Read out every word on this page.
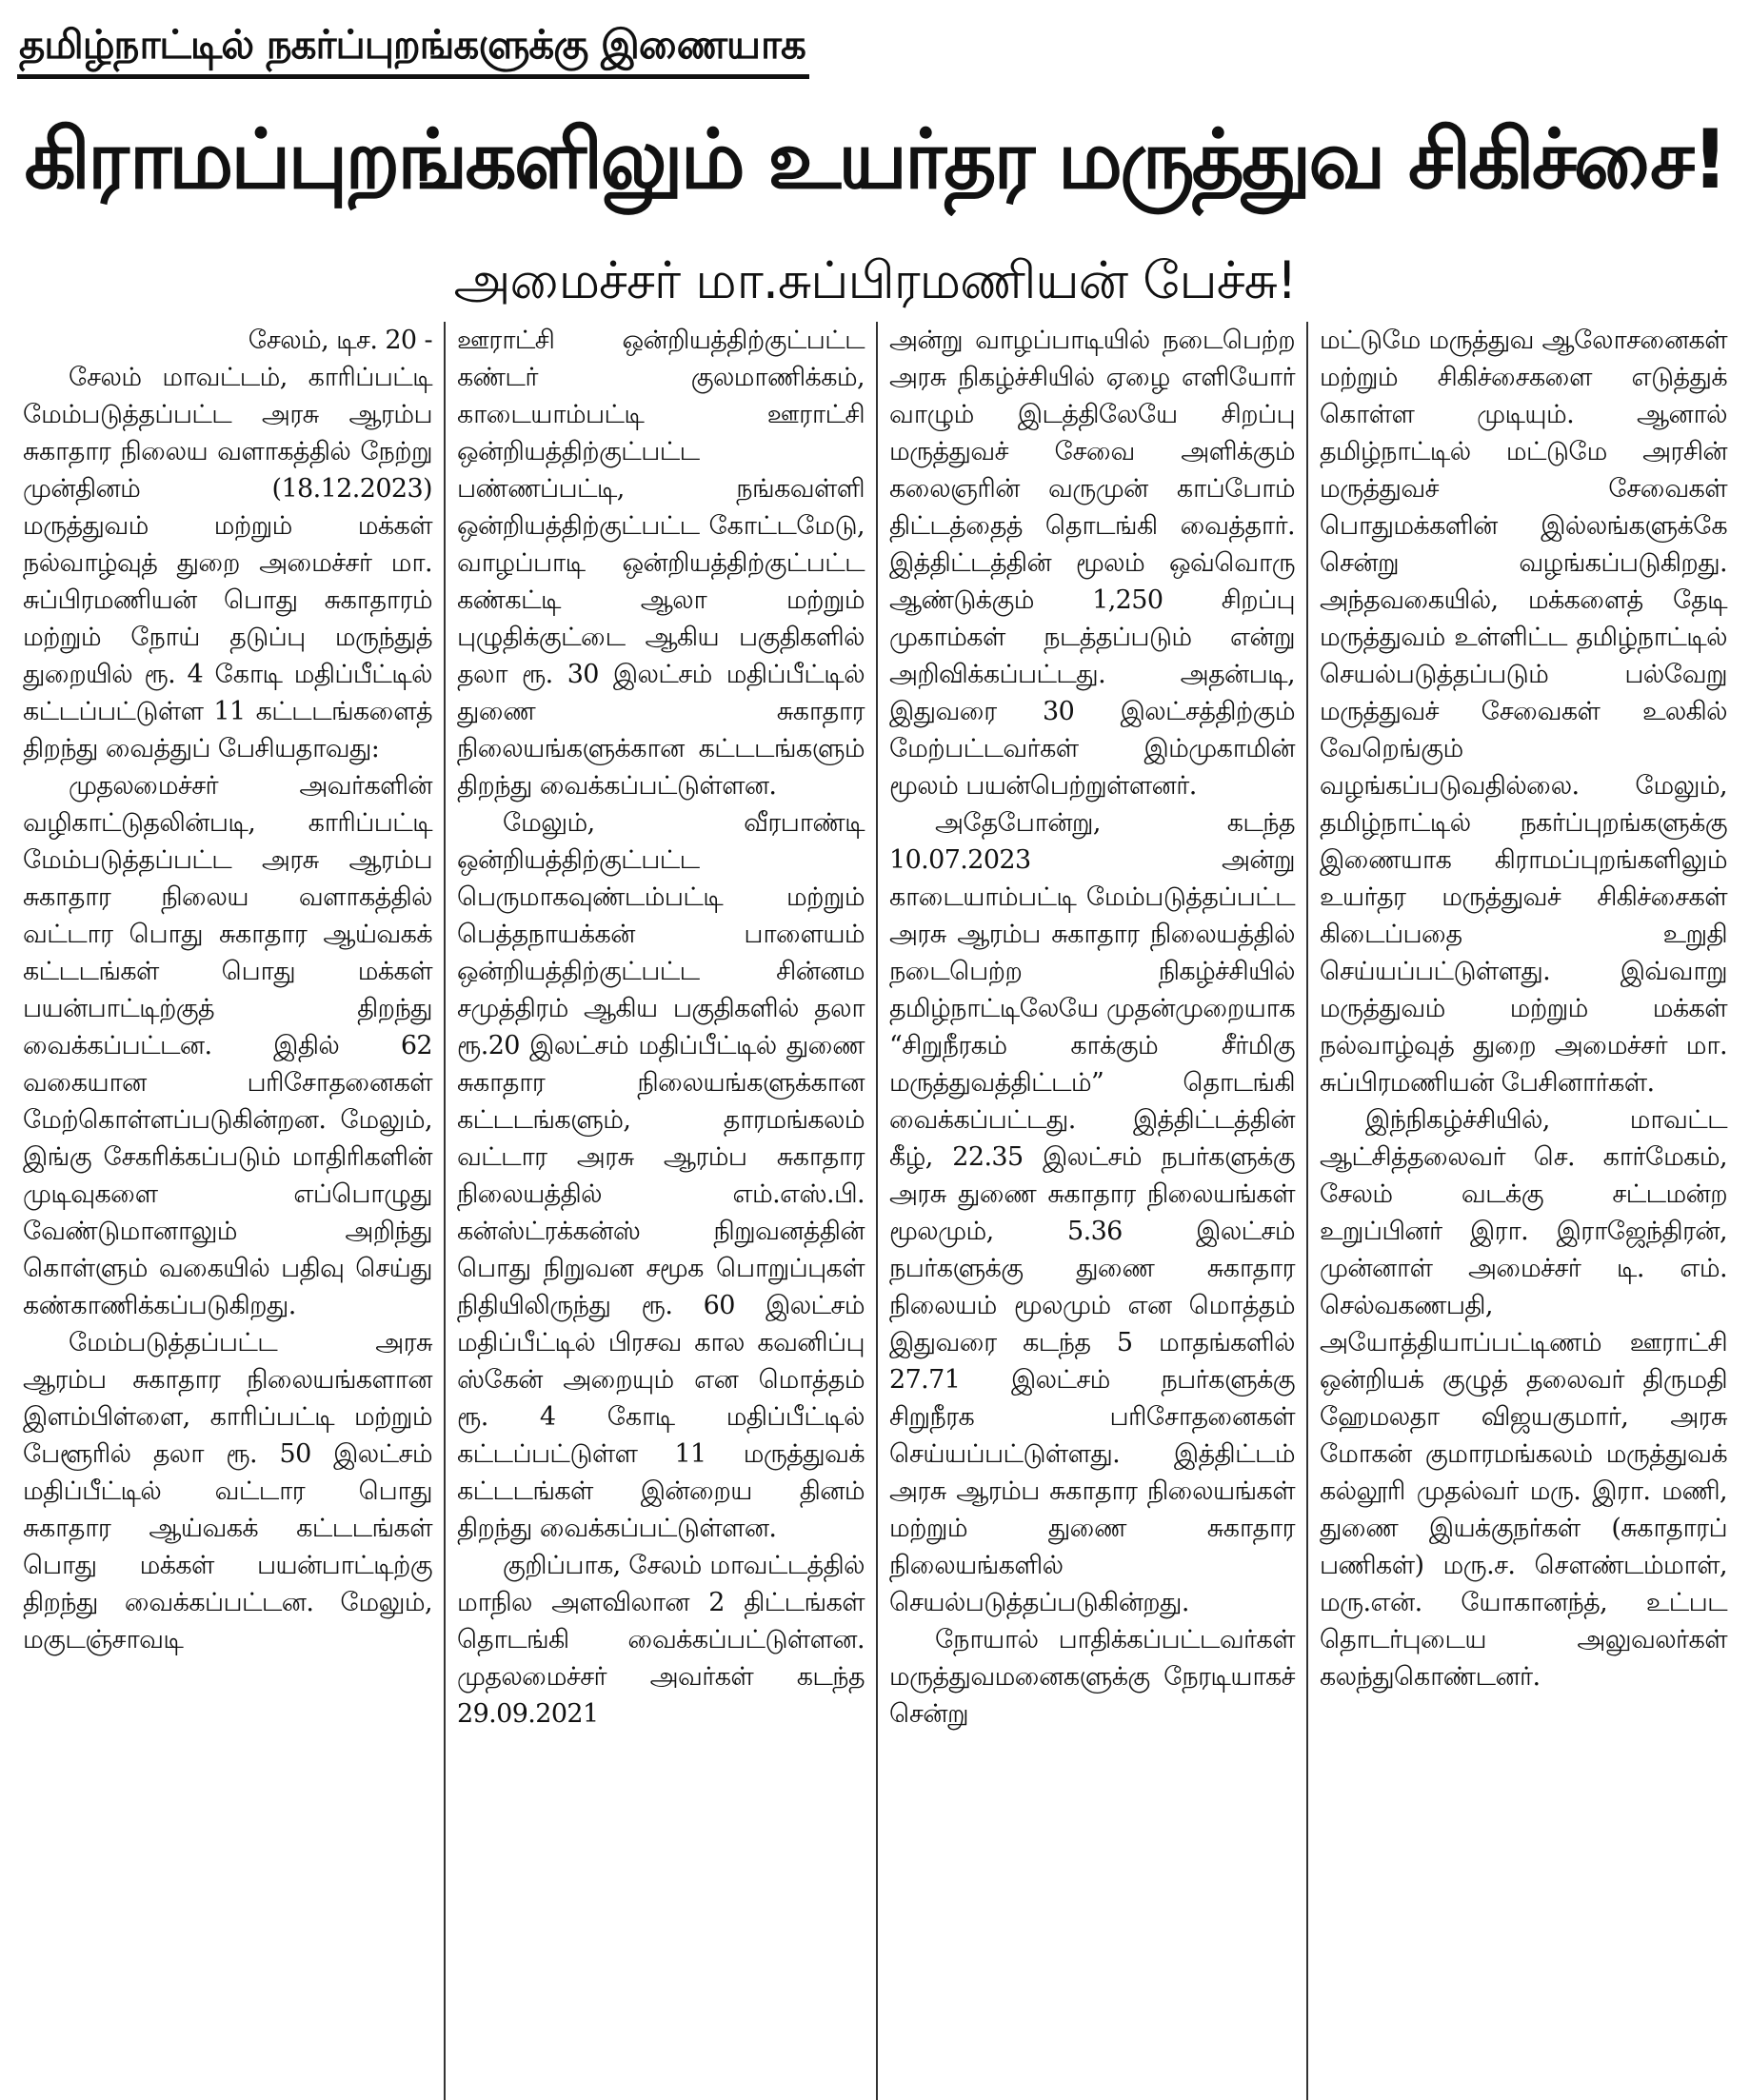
தமிழ்நாட்டில் நகர்ப்புறங்களுக்கு இணையாக
கிராமப்புறங்களிலும் உயர்தர மருத்துவ சிகிச்சை!
அமைச்சர் மா.சுப்பிரமணியன் பேச்சு!

சேலம், டிச. 20 -

சேலம் மாவட்டம், காரிப்பட்டி மேம்படுத்தப்பட்ட அரசு ஆரம்ப சுகாதார நிலைய வளாகத்தில் நேற்று முன்தினம் (18.12.2023) மருத்துவம் மற்றும் மக்கள் நல்வாழ்வுத் துறை அமைச்சர் மா. சுப்பிரமணியன் பொது சுகாதாரம் மற்றும் நோய் தடுப்பு மருந்துத் துறையில் ரூ. 4 கோடி மதிப்பீட்டில் கட்டப்பட்டுள்ள 11 கட்டடங்களைத் திறந்து வைத்துப் பேசியதாவது:

முதலமைச்சர் அவர்களின் வழிகாட்டுதலின்படி, காரிப்பட்டி மேம்படுத்தப்பட்ட அரசு ஆரம்ப சுகாதார நிலைய வளாகத்தில் வட்டார பொது சுகாதார ஆய்வகக் கட்டடங்கள் பொது மக்கள் பயன்பாட்டிற்குத் திறந்து வைக்கப்பட்டன. இதில் 62 வகையான பரிசோதனைகள் மேற்கொள்ளப்படுகின்றன. மேலும், இங்கு சேகரிக்கப்படும் மாதிரிகளின் முடிவுகளை எப்பொழுது வேண்டுமானாலும் அறிந்து கொள்ளும் வகையில் பதிவு செய்து கண்காணிக்கப்படுகிறது.

மேம்படுத்தப்பட்ட அரசு ஆரம்ப சுகாதார நிலையங்களான இளம்பிள்ளை, காரிப்பட்டி மற்றும் பேளூரில் தலா ரூ. 50 இலட்சம் மதிப்பீட்டில் வட்டார பொது சுகாதார ஆய்வகக் கட்டடங்கள் பொது மக்கள் பயன்பாட்டிற்கு திறந்து வைக்கப்பட்டன. மேலும், மகுடஞ்சாவடி

ஊராட்சி ஒன்றியத்திற்குட்பட்ட கண்டர் குலமாணிக்கம், காடையாம்பட்டி ஊராட்சி ஒன்றியத்திற்குட்பட்ட பண்ணப்பட்டி, நங்கவள்ளி ஒன்றியத்திற்குட்பட்ட கோட்டமேடு, வாழப்பாடி ஒன்றியத்திற்குட்பட்ட கண்கட்டி ஆலா மற்றும் புழுதிக்குட்டை ஆகிய பகுதிகளில் தலா ரூ. 30 இலட்சம் மதிப்பீட்டில் துணை சுகாதார நிலையங்களுக்கான கட்டடங்களும் திறந்து வைக்கப்பட்டுள்ளன.

மேலும், வீரபாண்டி ஒன்றியத்திற்குட்பட்ட பெருமாகவுண்டம்பட்டி மற்றும் பெத்தநாயக்கன் பாளையம் ஒன்றியத்திற்குட்பட்ட சின்னம சமுத்திரம் ஆகிய பகுதிகளில் தலா ரூ.20 இலட்சம் மதிப்பீட்டில் துணை சுகாதார நிலையங்களுக்கான கட்டடங்களும், தாரமங்கலம் வட்டார அரசு ஆரம்ப சுகாதார நிலையத்தில் எம்.எஸ்.பி. கன்ஸ்ட்ரக்கன்ஸ் நிறுவனத்தின் பொது நிறுவன சமூக பொறுப்புகள் நிதியிலிருந்து ரூ. 60 இலட்சம் மதிப்பீட்டில் பிரசவ கால கவனிப்பு ஸ்கேன் அறையும் என மொத்தம் ரூ. 4 கோடி மதிப்பீட்டில் கட்டப்பட்டுள்ள 11 மருத்துவக் கட்டடங்கள் இன்றைய தினம் திறந்து வைக்கப்பட்டுள்ளன.

குறிப்பாக, சேலம் மாவட்டத்தில் மாநில அளவிலான 2 திட்டங்கள் தொடங்கி வைக்கப்பட்டுள்ளன. முதலமைச்சர் அவர்கள் கடந்த 29.09.2021

அன்று வாழப்பாடியில் நடைபெற்ற அரசு நிகழ்ச்சியில் ஏழை எளியோர் வாழும் இடத்திலேயே சிறப்பு மருத்துவச் சேவை அளிக்கும் கலைஞரின் வருமுன் காப்போம் திட்டத்தைத் தொடங்கி வைத்தார். இத்திட்டத்தின் மூலம் ஒவ்வொரு ஆண்டுக்கும் 1,250 சிறப்பு முகாம்கள் நடத்தப்படும் என்று அறிவிக்கப்பட்டது. அதன்படி, இதுவரை 30 இலட்சத்திற்கும் மேற்பட்டவர்கள் இம்முகாமின் மூலம் பயன்பெற்றுள்ளனர்.

அதேபோன்று, கடந்த 10.07.2023 அன்று காடையாம்பட்டி மேம்படுத்தப்பட்ட அரசு ஆரம்ப சுகாதார நிலையத்தில் நடைபெற்ற நிகழ்ச்சியில் தமிழ்நாட்டிலேயே முதன்முறையாக “சிறுநீரகம் காக்கும் சீர்மிகு மருத்துவத்திட்டம்” தொடங்கி வைக்கப்பட்டது. இத்திட்டத்தின் கீழ், 22.35 இலட்சம் நபர்களுக்கு அரசு துணை சுகாதார நிலையங்கள் மூலமும், 5.36 இலட்சம் நபர்களுக்கு துணை சுகாதார நிலையம் மூலமும் என மொத்தம் இதுவரை கடந்த 5 மாதங்களில் 27.71 இலட்சம் நபர்களுக்கு சிறுநீரக பரிசோதனைகள் செய்யப்பட்டுள்ளது. இத்திட்டம் அரசு ஆரம்ப சுகாதார நிலையங்கள் மற்றும் துணை சுகாதார நிலையங்களில் செயல்படுத்தப்படுகின்றது.

நோயால் பாதிக்கப்பட்டவர்கள் மருத்துவமனைகளுக்கு நேரடியாகச் சென்று

மட்டுமே மருத்துவ ஆலோசனைகள் மற்றும் சிகிச்சைகளை எடுத்துக் கொள்ள முடியும். ஆனால் தமிழ்நாட்டில் மட்டுமே அரசின் மருத்துவச் சேவைகள் பொதுமக்களின் இல்லங்களுக்கே சென்று வழங்கப்படுகிறது. அந்தவகையில், மக்களைத் தேடி மருத்துவம் உள்ளிட்ட தமிழ்நாட்டில் செயல்படுத்தப்படும் பல்வேறு மருத்துவச் சேவைகள் உலகில் வேறெங்கும் வழங்கப்படுவதில்லை. மேலும், தமிழ்நாட்டில் நகர்ப்புறங்களுக்கு இணையாக கிராமப்புறங்களிலும் உயர்தர மருத்துவச் சிகிச்சைகள் கிடைப்பதை உறுதி செய்யப்பட்டுள்ளது. இவ்வாறு மருத்துவம் மற்றும் மக்கள் நல்வாழ்வுத் துறை அமைச்சர் மா. சுப்பிரமணியன் பேசினார்கள்.

இந்நிகழ்ச்சியில், மாவட்ட ஆட்சித்தலைவர் செ. கார்மேகம், சேலம் வடக்கு சட்டமன்ற உறுப்பினர் இரா. இராஜேந்திரன், முன்னாள் அமைச்சர் டி. எம். செல்வகணபதி, அயோத்தியாப்பட்டிணம் ஊராட்சி ஒன்றியக் குழுத் தலைவர் திருமதி ஹேமலதா விஜயகுமார், அரசு மோகன் குமாரமங்கலம் மருத்துவக் கல்லூரி முதல்வர் மரு. இரா. மணி, துணை இயக்குநர்கள் (சுகாதாரப் பணிகள்) மரு.ச. சௌண்டம்மாள், மரு.என். யோகானந்த், உட்பட தொடர்புடைய அலுவலர்கள் கலந்துகொண்டனர்.
